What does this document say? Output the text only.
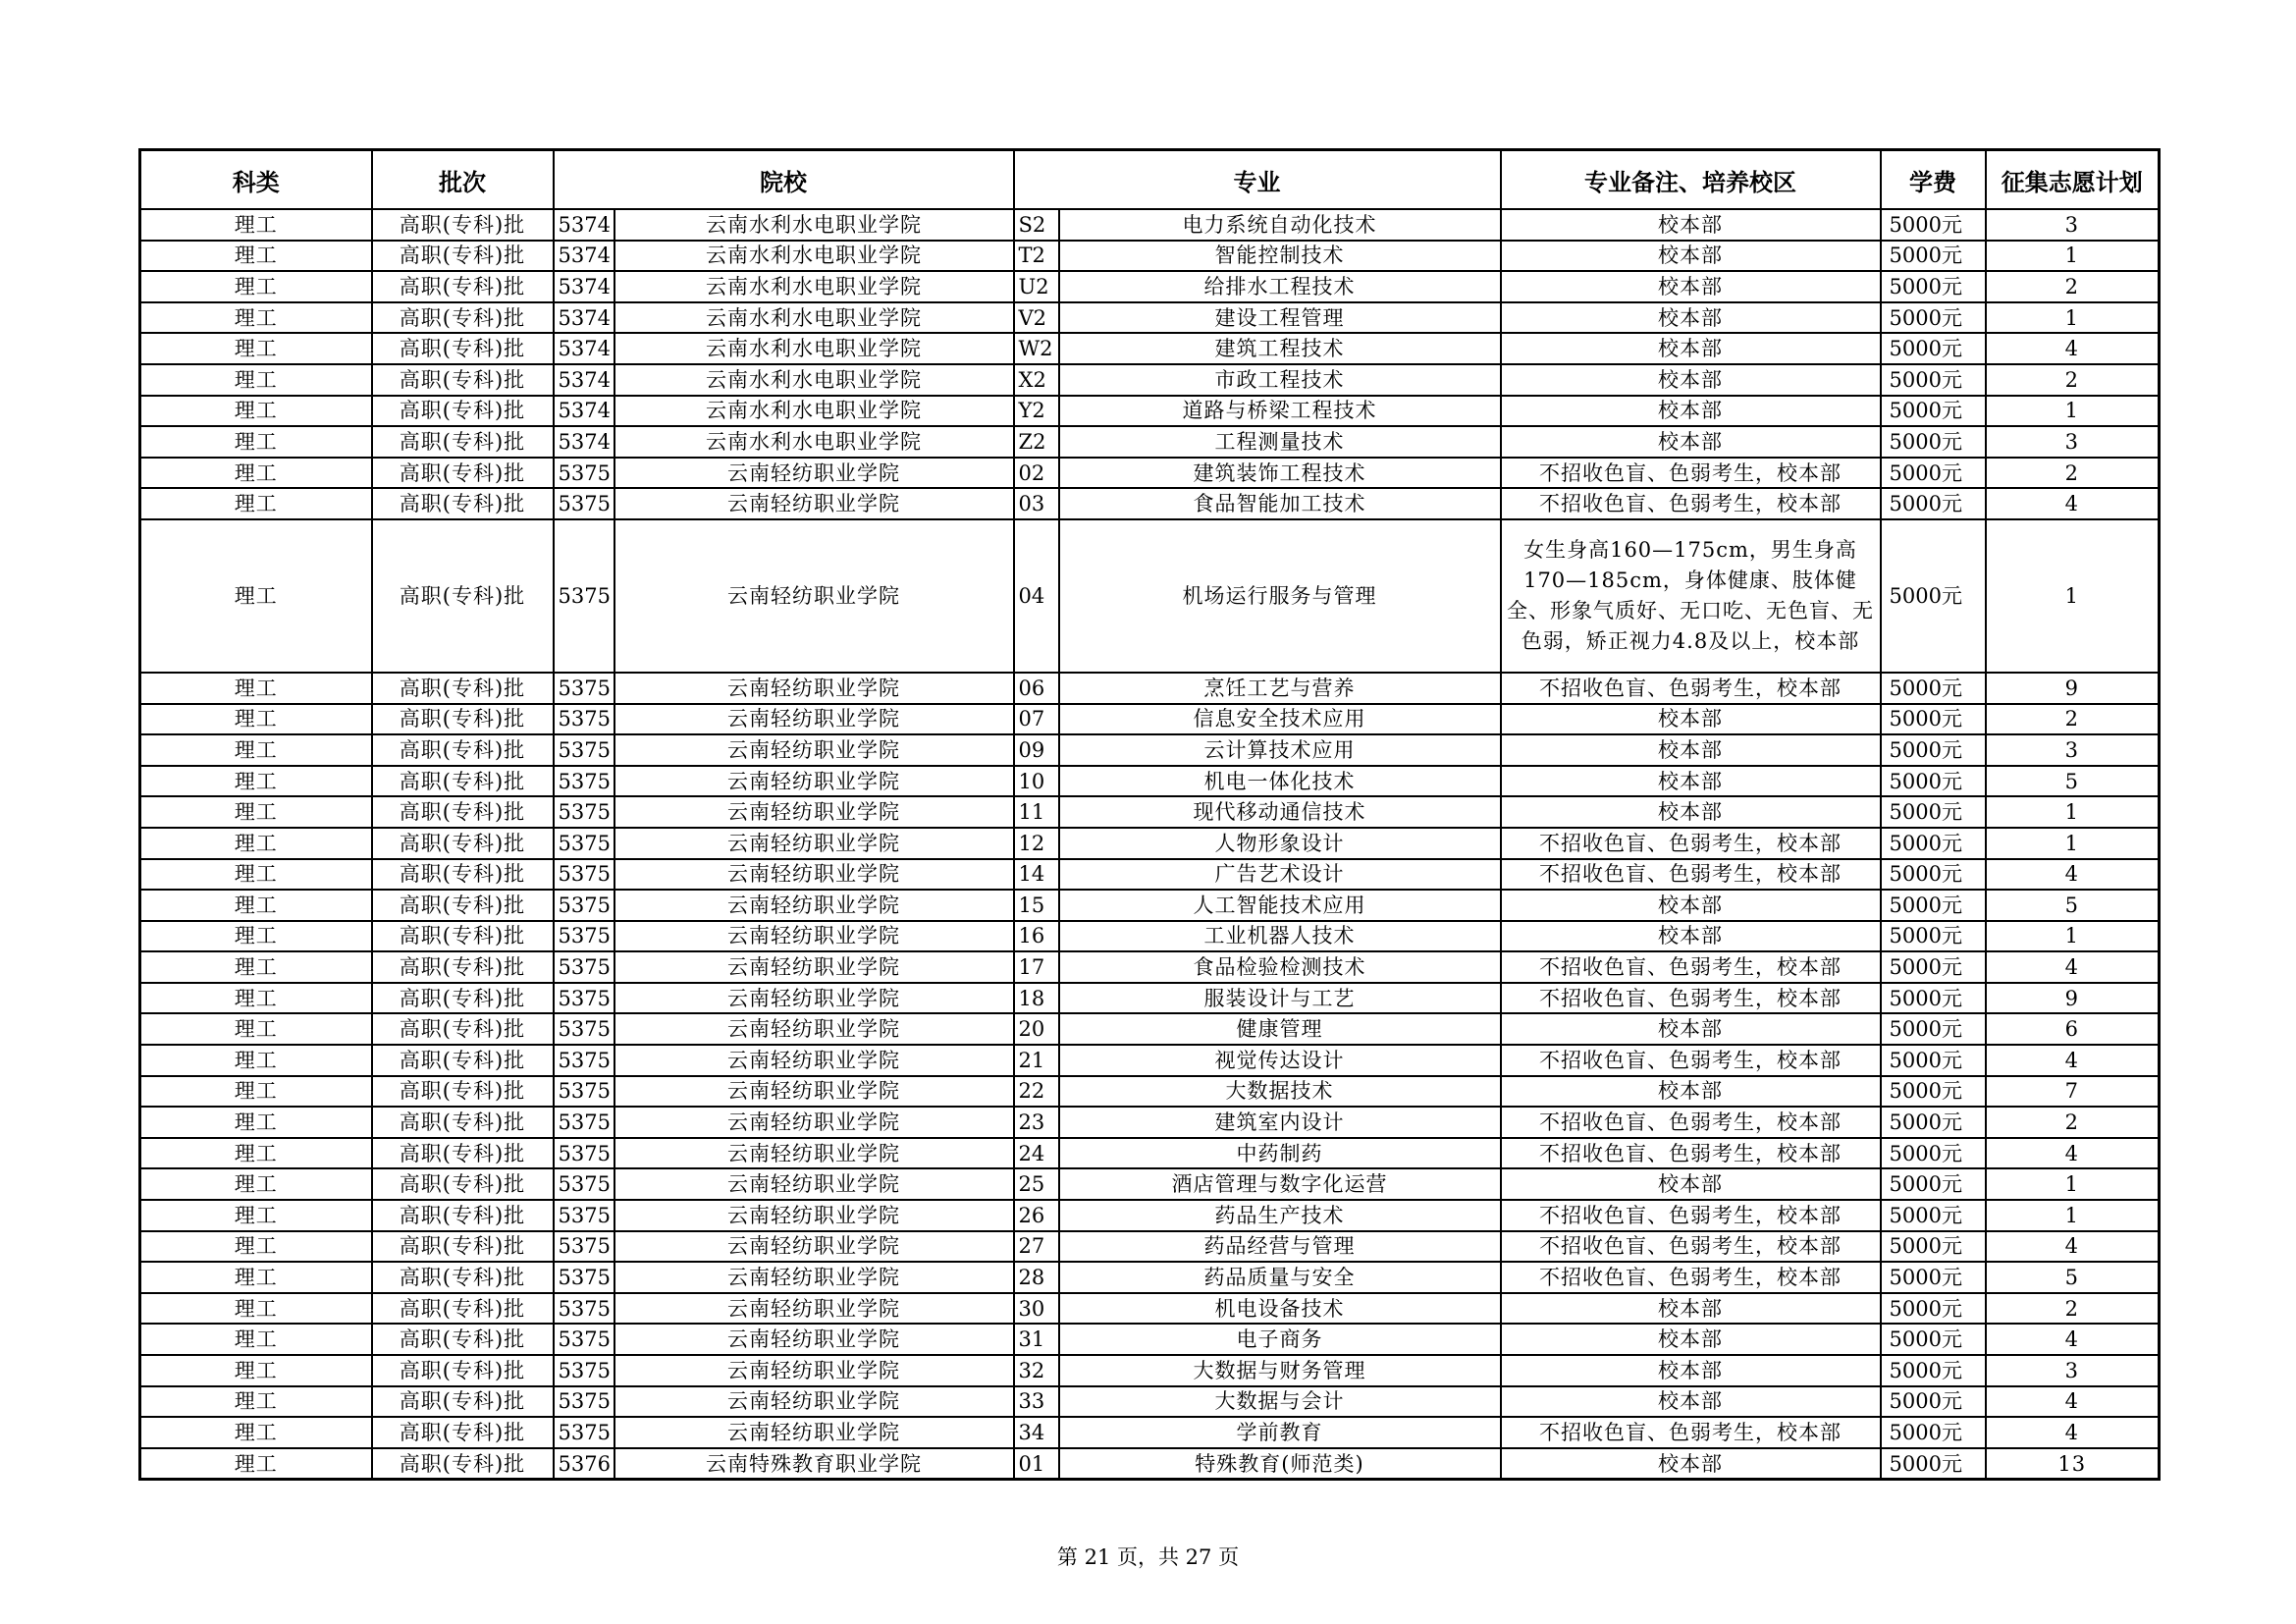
科类	批次	院校		专业		专业备注、培养校区	学费	征集志愿计划
理工	高职(专科)批	5374	云南水利水电职业学院	S2	电力系统自动化技术	校本部	5000元	3
理工	高职(专科)批	5374	云南水利水电职业学院	T2	智能控制技术	校本部	5000元	1
理工	高职(专科)批	5374	云南水利水电职业学院	U2	给排水工程技术	校本部	5000元	2
理工	高职(专科)批	5374	云南水利水电职业学院	V2	建设工程管理	校本部	5000元	1
理工	高职(专科)批	5374	云南水利水电职业学院	W2	建筑工程技术	校本部	5000元	4
理工	高职(专科)批	5374	云南水利水电职业学院	X2	市政工程技术	校本部	5000元	2
理工	高职(专科)批	5374	云南水利水电职业学院	Y2	道路与桥梁工程技术	校本部	5000元	1
理工	高职(专科)批	5374	云南水利水电职业学院	Z2	工程测量技术	校本部	5000元	3
理工	高职(专科)批	5375	云南轻纺职业学院	02	建筑装饰工程技术	不招收色盲、色弱考生，校本部	5000元	2
理工	高职(专科)批	5375	云南轻纺职业学院	03	食品智能加工技术	不招收色盲、色弱考生，校本部	5000元	4
理工	高职(专科)批	5375	云南轻纺职业学院	04	机场运行服务与管理	女生身高160—175cm，男生身高170—185cm，身体健康、肢体健全、形象气质好、无口吃、无色盲、无色弱，矫正视力4.8及以上，校本部	5000元	1
理工	高职(专科)批	5375	云南轻纺职业学院	06	烹饪工艺与营养	不招收色盲、色弱考生，校本部	5000元	9
理工	高职(专科)批	5375	云南轻纺职业学院	07	信息安全技术应用	校本部	5000元	2
理工	高职(专科)批	5375	云南轻纺职业学院	09	云计算技术应用	校本部	5000元	3
理工	高职(专科)批	5375	云南轻纺职业学院	10	机电一体化技术	校本部	5000元	5
理工	高职(专科)批	5375	云南轻纺职业学院	11	现代移动通信技术	校本部	5000元	1
理工	高职(专科)批	5375	云南轻纺职业学院	12	人物形象设计	不招收色盲、色弱考生，校本部	5000元	1
理工	高职(专科)批	5375	云南轻纺职业学院	14	广告艺术设计	不招收色盲、色弱考生，校本部	5000元	4
理工	高职(专科)批	5375	云南轻纺职业学院	15	人工智能技术应用	校本部	5000元	5
理工	高职(专科)批	5375	云南轻纺职业学院	16	工业机器人技术	校本部	5000元	1
理工	高职(专科)批	5375	云南轻纺职业学院	17	食品检验检测技术	不招收色盲、色弱考生，校本部	5000元	4
理工	高职(专科)批	5375	云南轻纺职业学院	18	服装设计与工艺	不招收色盲、色弱考生，校本部	5000元	9
理工	高职(专科)批	5375	云南轻纺职业学院	20	健康管理	校本部	5000元	6
理工	高职(专科)批	5375	云南轻纺职业学院	21	视觉传达设计	不招收色盲、色弱考生，校本部	5000元	4
理工	高职(专科)批	5375	云南轻纺职业学院	22	大数据技术	校本部	5000元	7
理工	高职(专科)批	5375	云南轻纺职业学院	23	建筑室内设计	不招收色盲、色弱考生，校本部	5000元	2
理工	高职(专科)批	5375	云南轻纺职业学院	24	中药制药	不招收色盲、色弱考生，校本部	5000元	4
理工	高职(专科)批	5375	云南轻纺职业学院	25	酒店管理与数字化运营	校本部	5000元	1
理工	高职(专科)批	5375	云南轻纺职业学院	26	药品生产技术	不招收色盲、色弱考生，校本部	5000元	1
理工	高职(专科)批	5375	云南轻纺职业学院	27	药品经营与管理	不招收色盲、色弱考生，校本部	5000元	4
理工	高职(专科)批	5375	云南轻纺职业学院	28	药品质量与安全	不招收色盲、色弱考生，校本部	5000元	5
理工	高职(专科)批	5375	云南轻纺职业学院	30	机电设备技术	校本部	5000元	2
理工	高职(专科)批	5375	云南轻纺职业学院	31	电子商务	校本部	5000元	4
理工	高职(专科)批	5375	云南轻纺职业学院	32	大数据与财务管理	校本部	5000元	3
理工	高职(专科)批	5375	云南轻纺职业学院	33	大数据与会计	校本部	5000元	4
理工	高职(专科)批	5375	云南轻纺职业学院	34	学前教育	不招收色盲、色弱考生，校本部	5000元	4
理工	高职(专科)批	5376	云南特殊教育职业学院	01	特殊教育(师范类)	校本部	5000元	13
第 21 页，共 27 页
